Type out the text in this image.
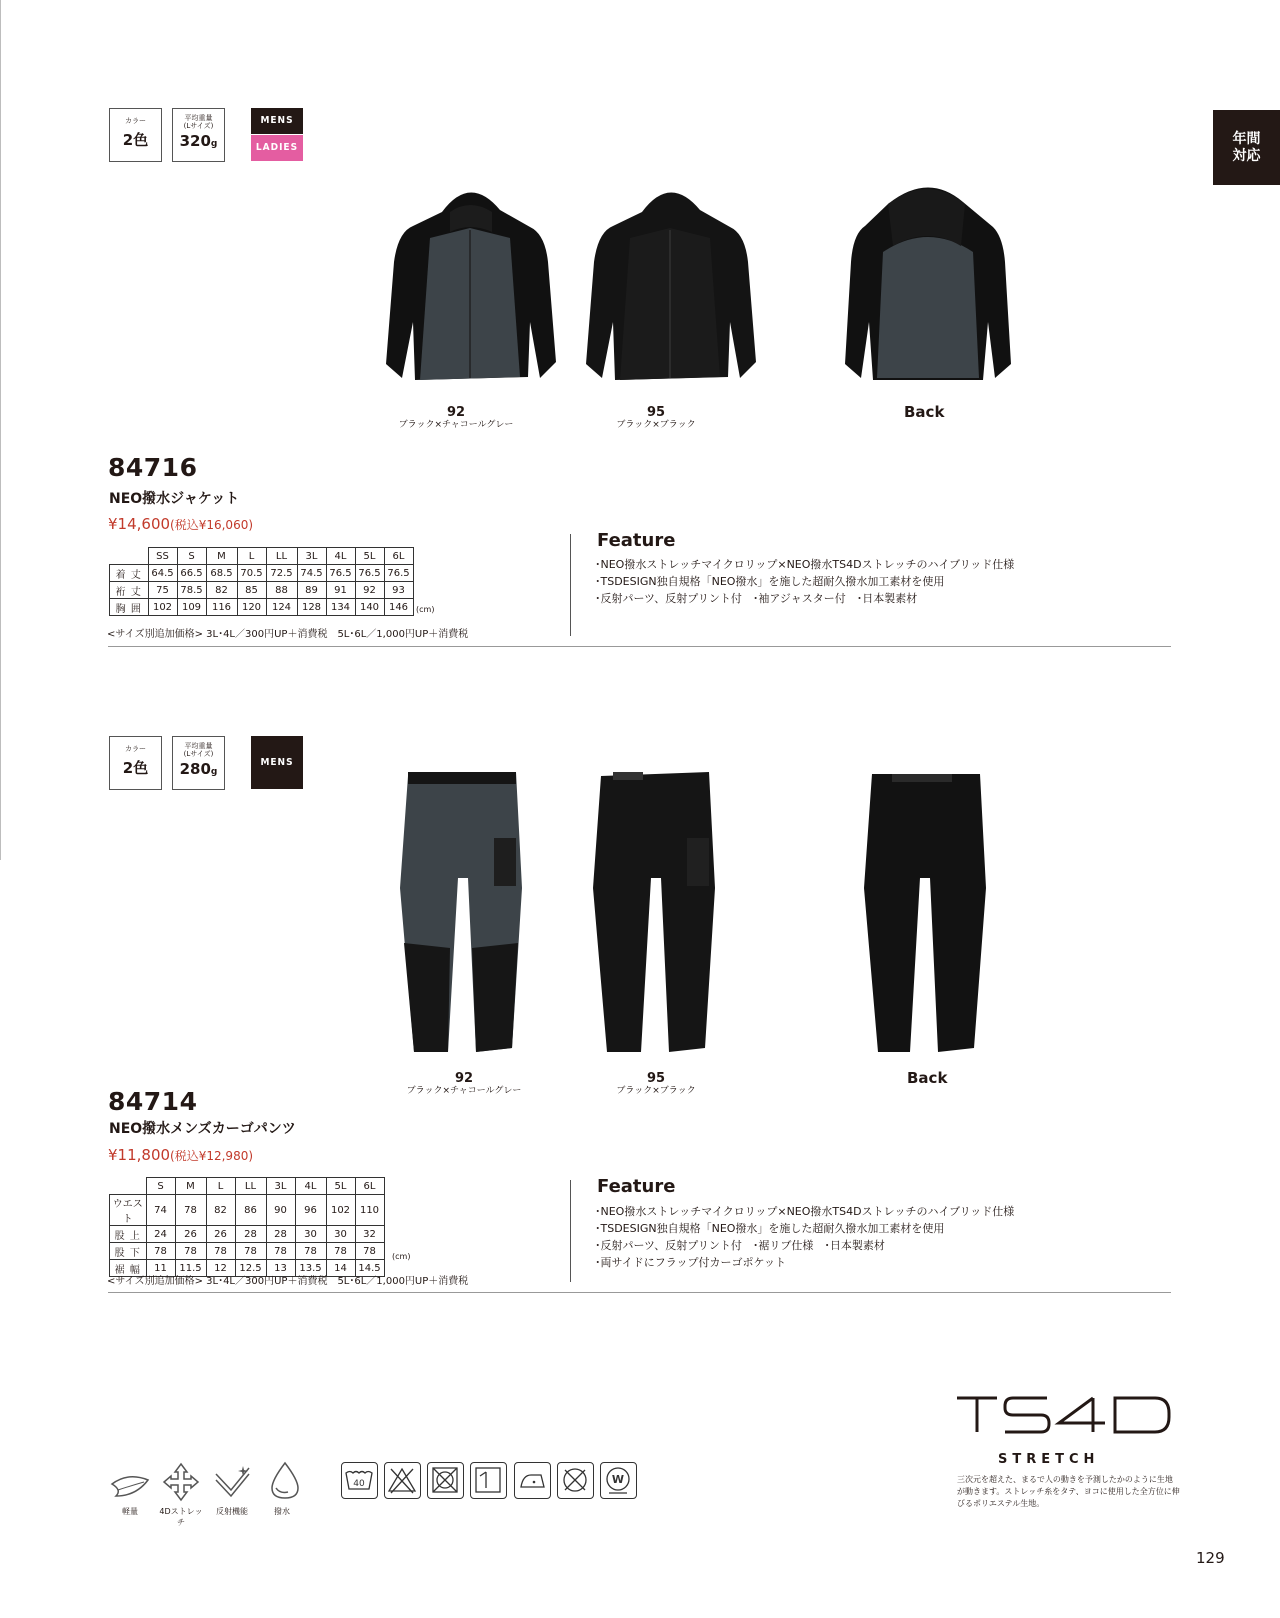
年間
対応
カラー
2色
平均重量
(Lサイズ)
320g
MENS
LADIES
92
ブラック×チャコールグレー
95
ブラック×ブラック
Back
84716
NEO撥水ジャケット
¥14,600(税込¥16,060)
	SS	S	M	L	LL	3L	4L	5L	6L
着 丈	64.5	66.5	68.5	70.5	72.5	74.5	76.5	76.5	76.5
裄 丈	75	78.5	82	85	88	89	91	92	93
胸 囲	102	109	116	120	124	128	134	140	146 (cm)
<サイズ別追加価格> 3L･4L／300円UP＋消費税　5L･6L／1,000円UP＋消費税
Feature
･NEO撥水ストレッチマイクロリップ×NEO撥水TS4Dストレッチのハイブリッド仕様
･TSDESIGN独自規格「NEO撥水」を施した超耐久撥水加工素材を使用
･反射パーツ、反射プリント付　･袖アジャスター付　･日本製素材
カラー
2色
平均重量
(Lサイズ)
280g
MENS
92
ブラック×チャコールグレー
95
ブラック×ブラック
Back
84714
NEO撥水メンズカーゴパンツ
¥11,800(税込¥12,980)
	S	M	L	LL	3L	4L	5L	6L
ウエスト	74	78	82	86	90	96	102	110
股 上	24	26	26	28	28	30	30	32
股 下	78	78	78	78	78	78	78	78
裾 幅	11	11.5	12	12.5	13	13.5	14	14.5
(cm)
<サイズ別追加価格> 3L･4L／300円UP＋消費税　5L･6L／1,000円UP＋消費税
Feature
･NEO撥水ストレッチマイクロリップ×NEO撥水TS4Dストレッチのハイブリッド仕様
･TSDESIGN独自規格「NEO撥水」を施した超耐久撥水加工素材を使用
･反射パーツ、反射プリント付　･裾リブ仕様　･日本製素材
･両サイドにフラップ付カーゴポケット
STRETCH
三次元を超えた、まるで人の動きを予測したかのように生地
が動きます。ストレッチ糸をタテ、ヨコに使用した全方位に伸
びるポリエステル生地。
129
軽量	4Dストレッチ
反射機能	撥水
40	W
